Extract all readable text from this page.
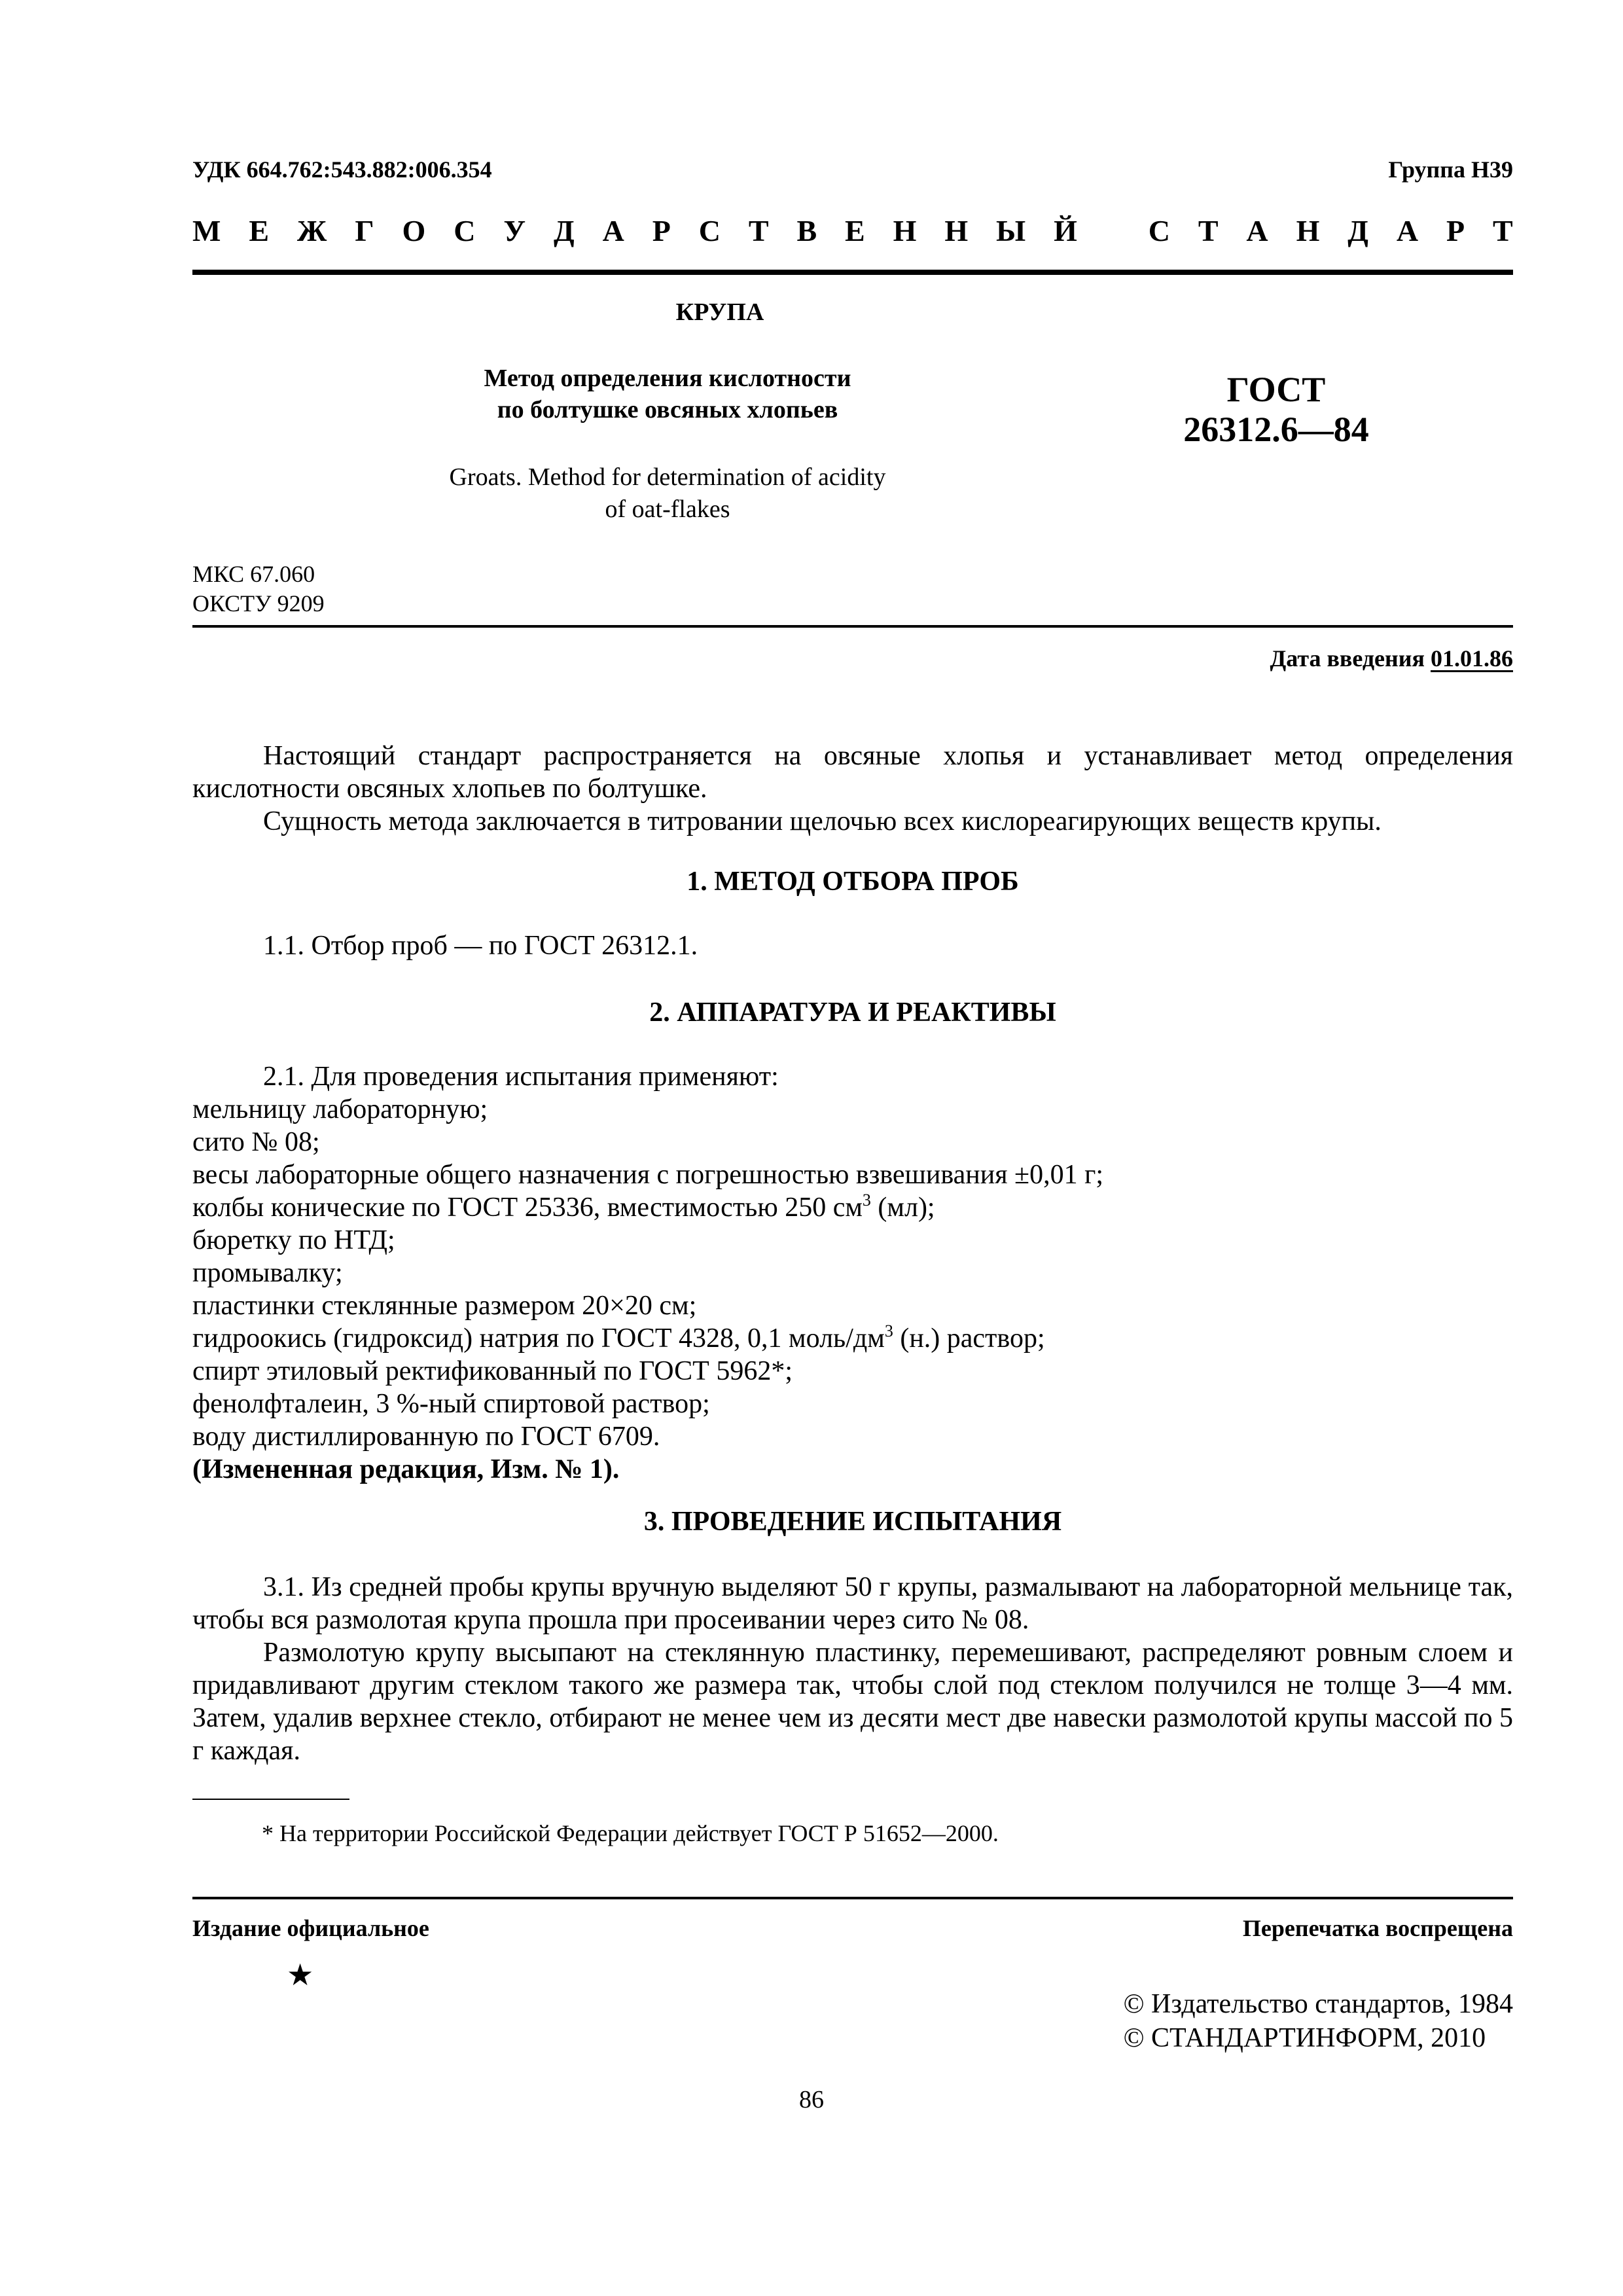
УДК 664.762:543.882:006.354	Группа Н39
М Е Ж Г О С У Д А Р С Т В Е Н Н Ы Й
С Т А Н Д А Р Т
КРУПА
Метод определения кислотности
по болтушке овсяных хлопьев
ГОСТ
26312.6—84
Groats. Method for determination of acidity
of oat-flakes
МКС 67.060
ОКСТУ 9209
Дата введения 01.01.86

Настоящий стандарт распространяется на овсяные хлопья и устанавливает метод определения кислотности овсяных хлопьев по болтушке.

Сущность метода заключается в титровании щелочью всех кислореагирующих веществ крупы.

1. МЕТОД ОТБОРА ПРОБ

1.1. Отбор проб — по ГОСТ 26312.1.

2. АППАРАТУРА И РЕАКТИВЫ
2.1. Для проведения испытания применяют:
мельницу лабораторную;
сито № 08;
весы лабораторные общего назначения с погрешностью взвешивания ±0,01 г;
колбы конические по ГОСТ 25336, вместимостью 250 $см^3$ (мл);
бюретку по НТД;
промывалку;
пластинки стеклянные размером 20×20 см;
гидроокись (гидроксид) натрия по ГОСТ 4328, 0,1 моль/$дм^3$ (н.) раствор;
спирт этиловый ректификованный по ГОСТ 5962*;
фенолфталеин, 3 %-ный спиртовой раствор;
воду дистиллированную по ГОСТ 6709.
(Измененная редакция, Изм. № 1).
3. ПРОВЕДЕНИЕ ИСПЫТАНИЯ

3.1. Из средней пробы крупы вручную выделяют 50 г крупы, размалывают на лабораторной мельнице так, чтобы вся размолотая крупа прошла при просеивании через сито № 08.

Размолотую крупу высыпают на стеклянную пластинку, перемешивают, распределяют ровным слоем и придавливают другим стеклом такого же размера так, чтобы слой под стеклом получился не толще 3—4 мм. Затем, удалив верхнее стекло, отбирают не менее чем из десяти мест две навески размолотой крупы массой по 5 г каждая.

* На территории Российской Федерации действует ГОСТ Р 51652—2000.
Издание официальное	Перепечатка воспрещена
★
© Издательство стандартов, 1984
© СТАНДАРТИНФОРМ, 2010
86
